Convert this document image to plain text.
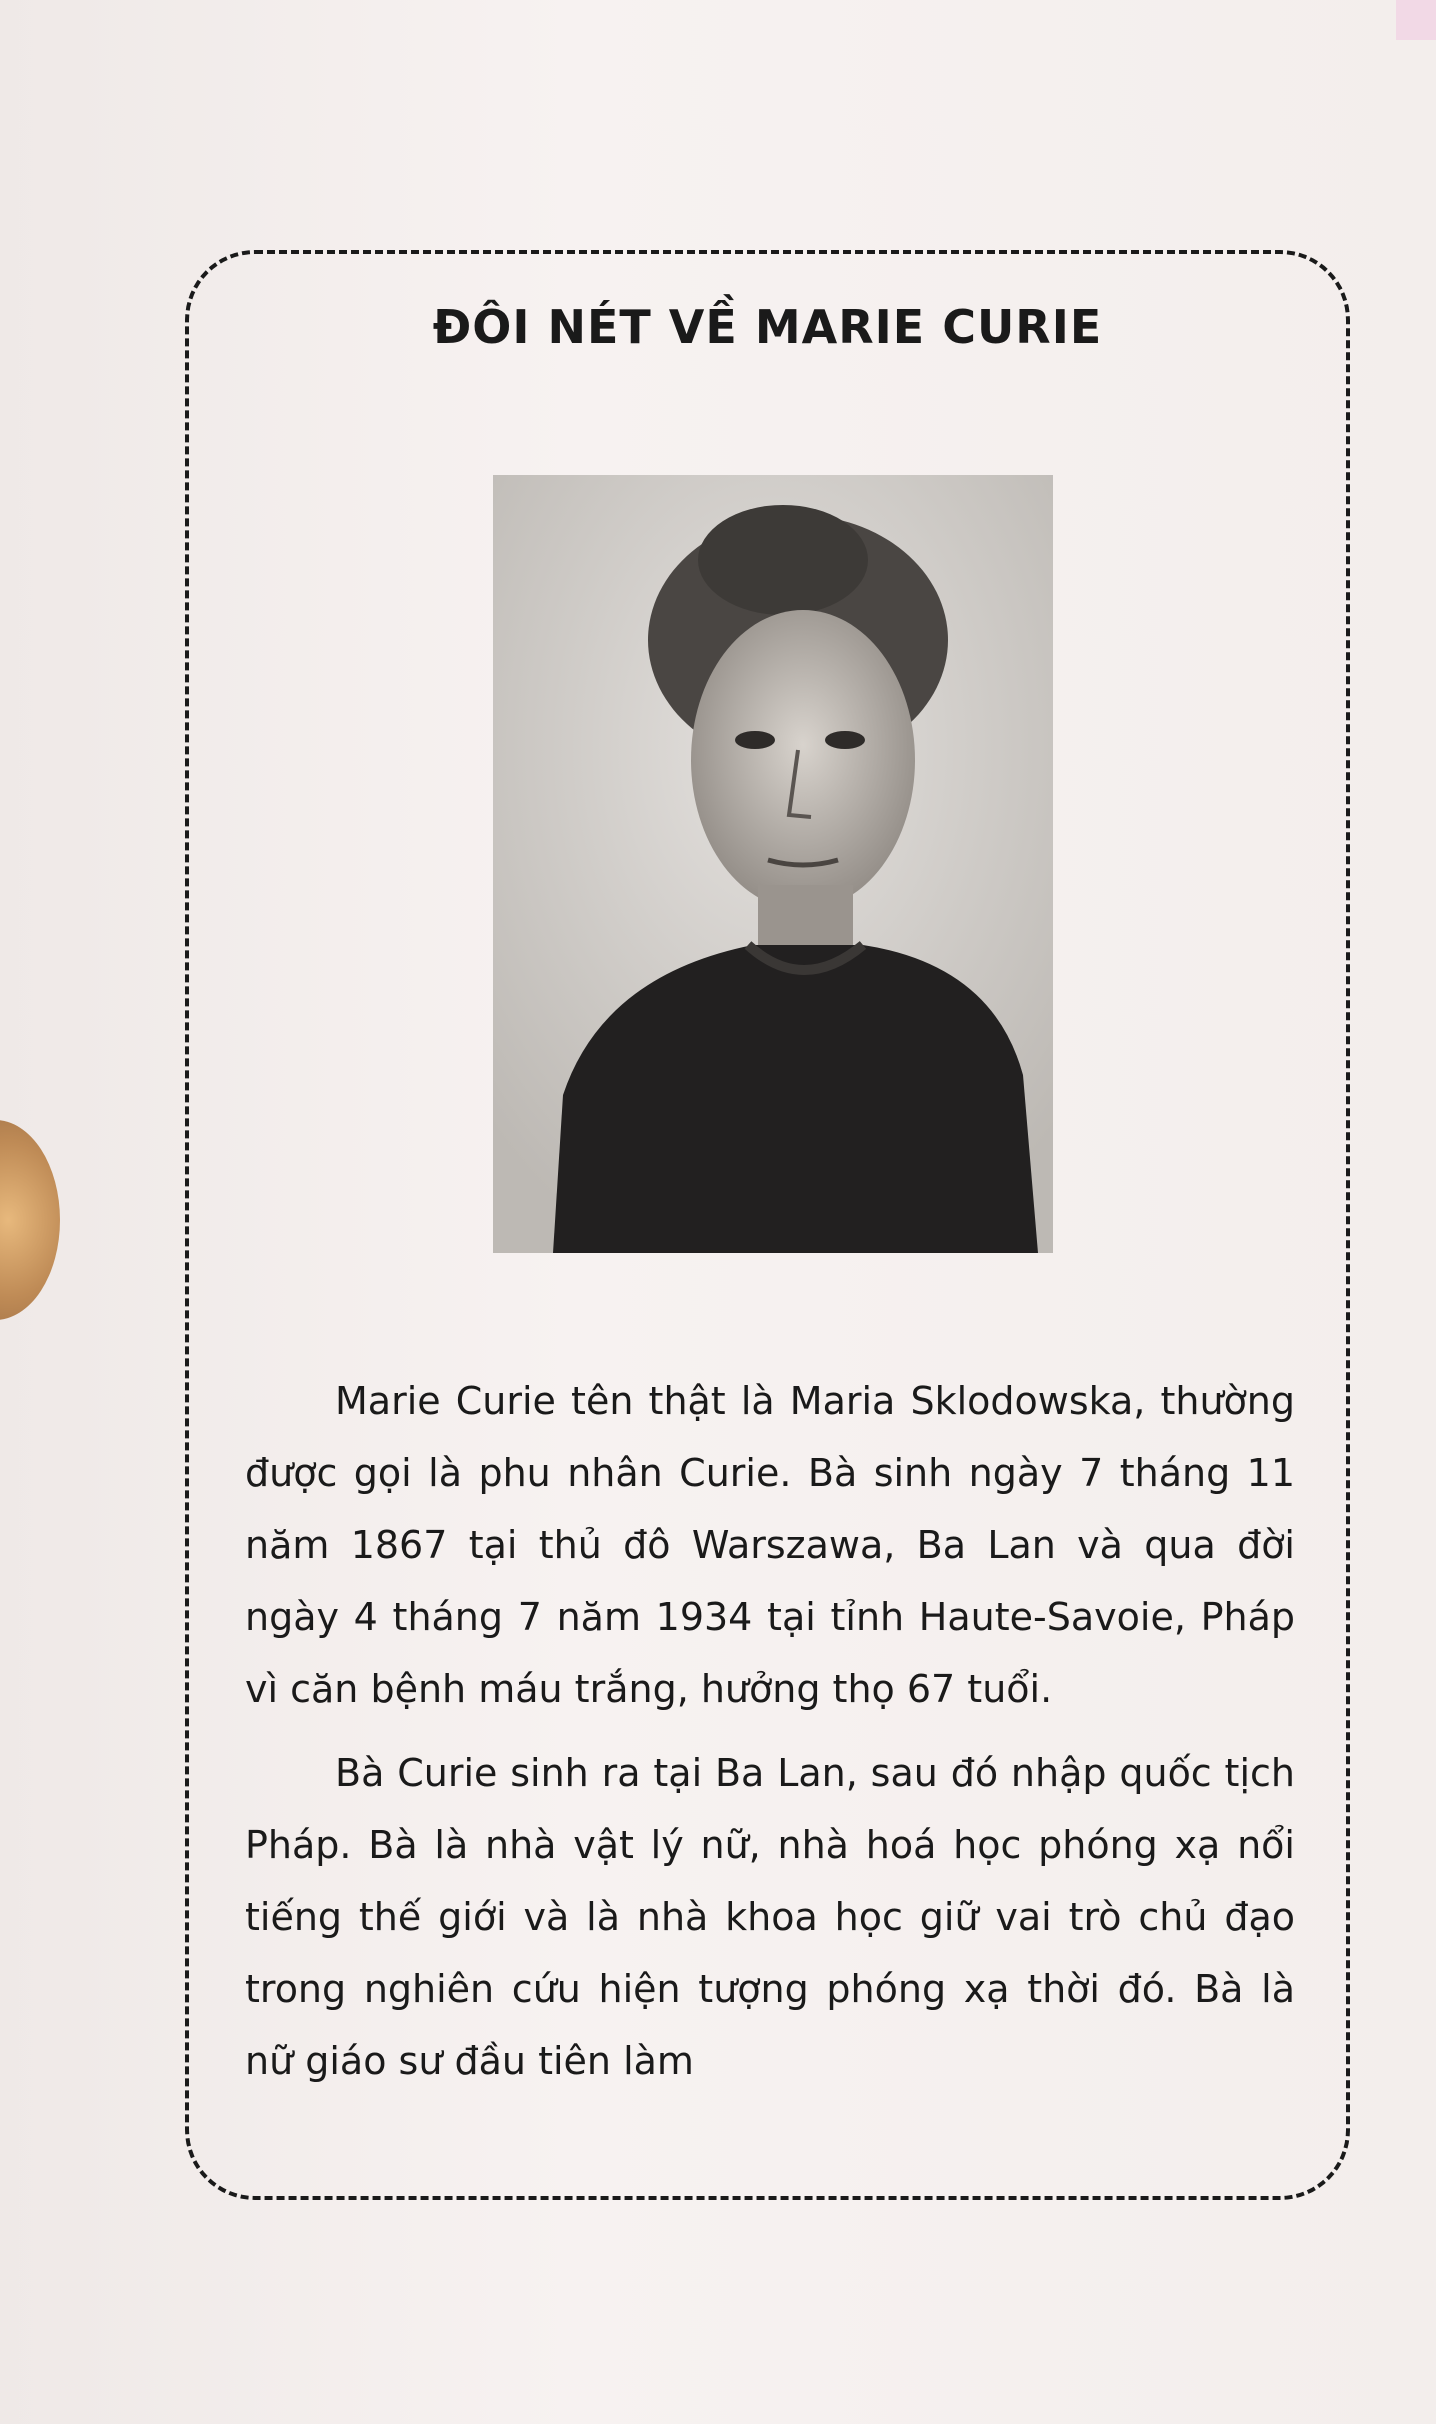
ĐÔI NÉT VỀ MARIE CURIE

Marie Curie tên thật là Maria Sklodowska, thường được gọi là phu nhân Curie. Bà sinh ngày 7 tháng 11 năm 1867 tại thủ đô Warszawa, Ba Lan và qua đời ngày 4 tháng 7 năm 1934 tại tỉnh Haute-Savoie, Pháp vì căn bệnh máu trắng, hưởng thọ 67 tuổi.

Bà Curie sinh ra tại Ba Lan, sau đó nhập quốc tịch Pháp. Bà là nhà vật lý nữ, nhà hoá học phóng xạ nổi tiếng thế giới và là nhà khoa học giữ vai trò chủ đạo trong nghiên cứu hiện tượng phóng xạ thời đó. Bà là nữ giáo sư đầu tiên làm
